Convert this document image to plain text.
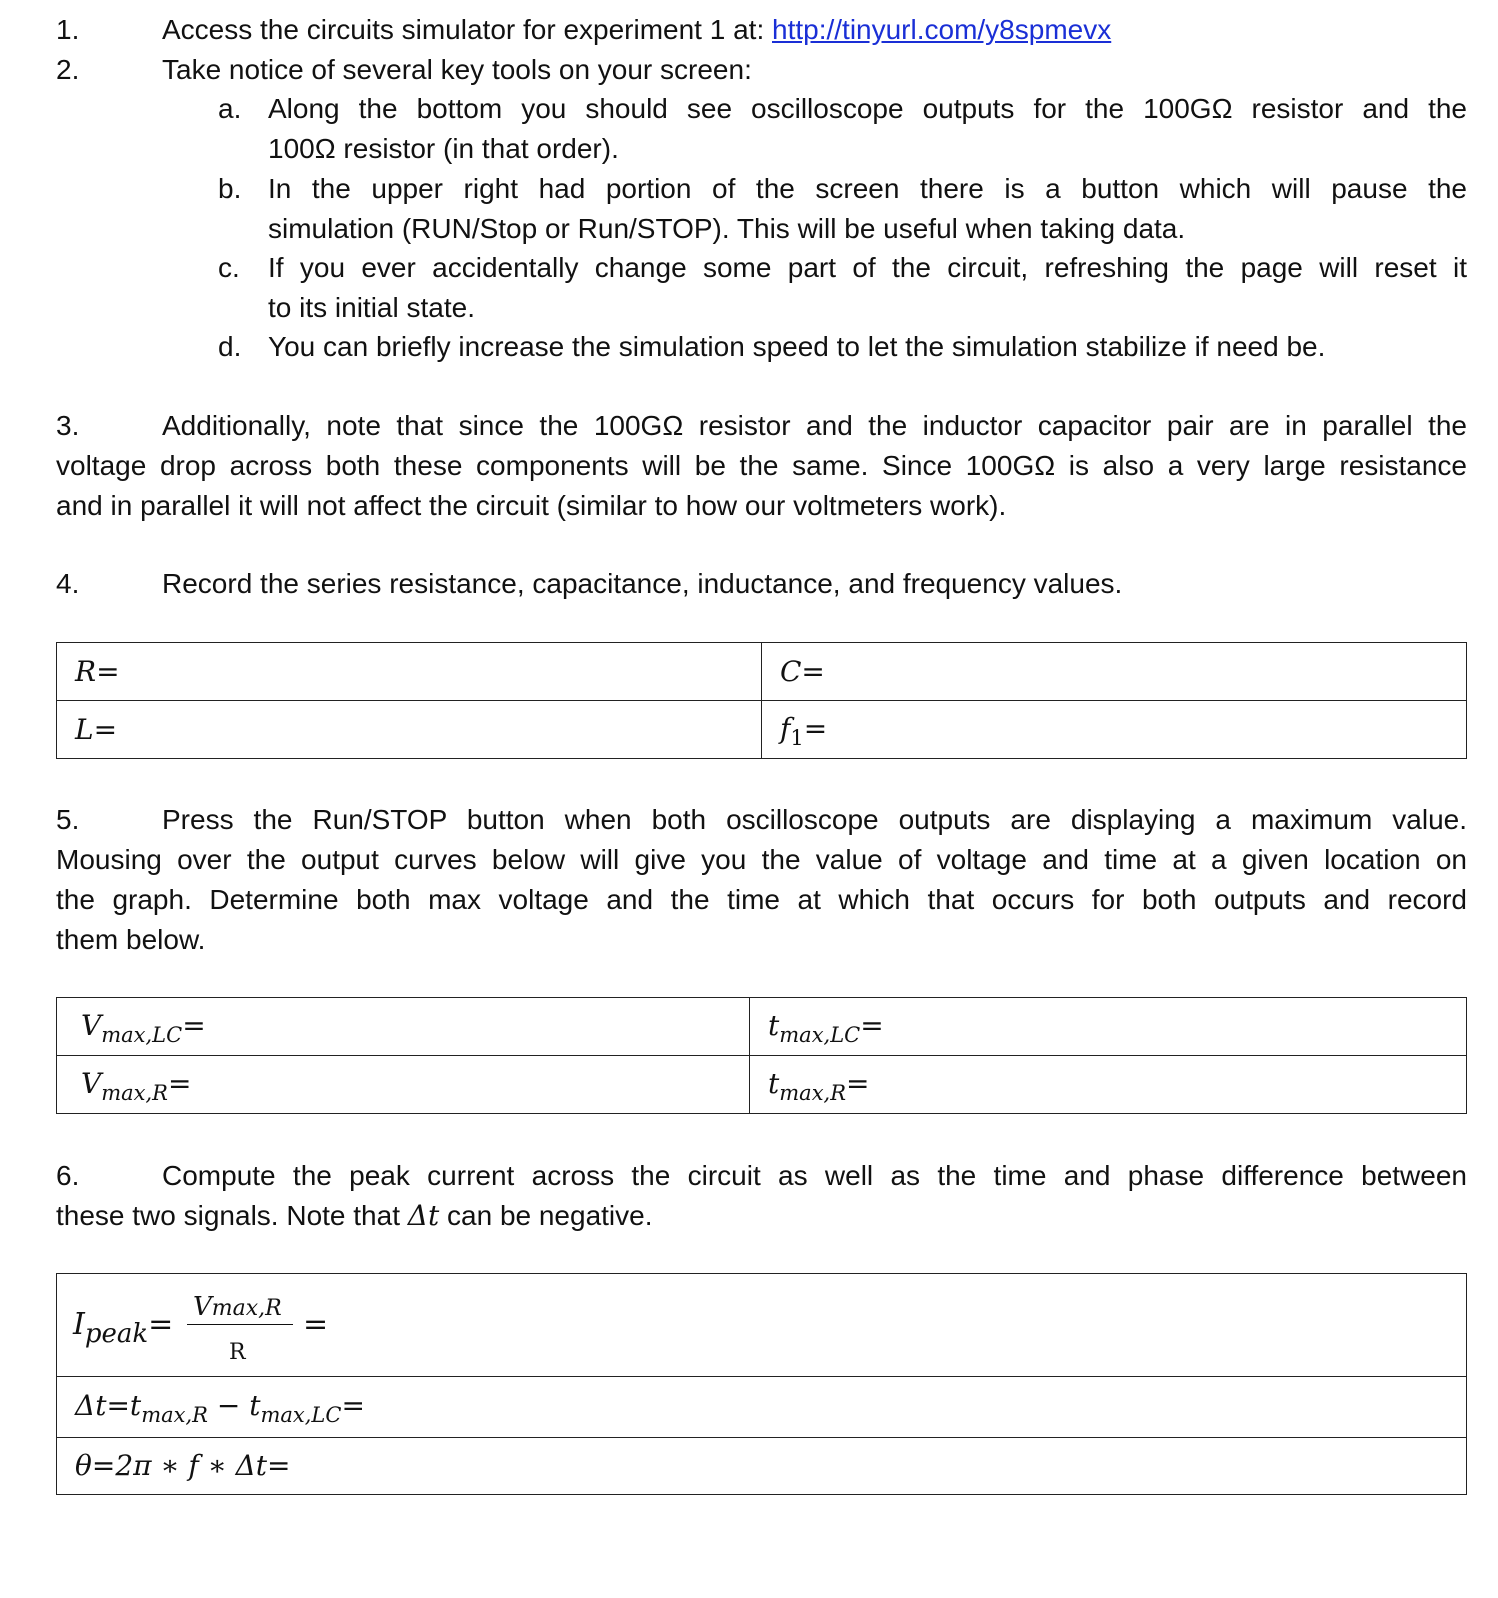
1.	Access the circuits simulator for experiment 1 at: http://tinyurl.com/y8spmevx
2.	Take notice of several key tools on your screen:
a. Along the bottom you should see oscilloscope outputs for the 100GΩ resistor and the
100Ω resistor (in that order).
b. In the upper right had portion of the screen there is a button which will pause the
simulation (RUN/Stop or Run/STOP). This will be useful when taking data.
c. If you ever accidentally change some part of the circuit, refreshing the page will reset it
to its initial state.
d. You can briefly increase the simulation speed to let the simulation stabilize if need be.
3.	Additionally, note that since the 100GΩ resistor and the inductor capacitor pair are in parallel the
voltage drop across both these components will be the same. Since 100GΩ is also a very large resistance
and in parallel it will not affect the circuit (similar to how our voltmeters work).
4.	Record the series resistance, capacitance, inductance, and frequency values.
R=	C=
L=	$f_1=$
5.	Press the Run/STOP button when both oscilloscope outputs are displaying a maximum value.
Mousing over the output curves below will give you the value of voltage and time at a given location on
the graph. Determine both max voltage and the time at which that occurs for both outputs and record
them below.
$V_{max,LC}=$	$t_{max,LC}=$
$V_{max,R}=$	$t_{max,R}=$
6.	Compute the peak current across the circuit as well as the time and phase difference between
these two signals. Note that Δt can be negative.
Ipeak= Vmax,R
R
=

$\Delta t=t_{max,R} - t_{max,LC}=$
θ=2π ∗ f ∗ Δt=
